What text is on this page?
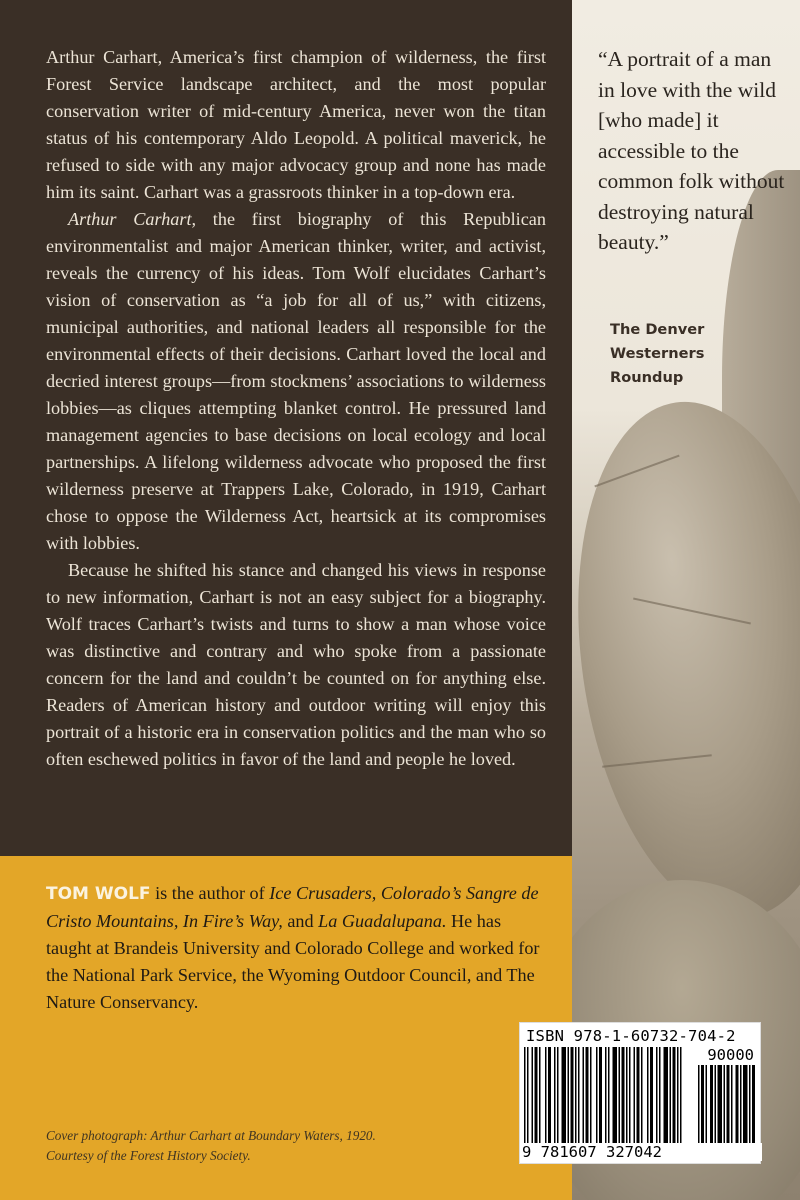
Arthur Carhart, America’s first champion of wilderness, the first Forest Service landscape architect, and the most popular conservation writer of mid-century America, never won the titan status of his contemporary Aldo Leopold. A political maverick, he refused to side with any major advocacy group and none has made him its saint. Carhart was a grassroots thinker in a top-down era.

Arthur Carhart, the first biography of this Republican environmentalist and major American thinker, writer, and activist, reveals the currency of his ideas. Tom Wolf elucidates Carhart’s vision of conservation as “a job for all of us,” with citizens, municipal authorities, and national leaders all responsible for the environmental effects of their decisions. Carhart loved the local and decried interest groups—from stockmens’ associations to wilderness lobbies—as cliques attempting blanket control. He pressured land management agencies to base decisions on local ecology and local partnerships. A lifelong wilderness advocate who proposed the first wilderness preserve at Trappers Lake, Colorado, in 1919, Carhart chose to oppose the Wilderness Act, heartsick at its compromises with lobbies.

Because he shifted his stance and changed his views in response to new information, Carhart is not an easy subject for a biography. Wolf traces Carhart’s twists and turns to show a man whose voice was distinctive and contrary and who spoke from a passionate concern for the land and couldn’t be counted on for anything else. Readers of American history and outdoor writing will enjoy this portrait of a historic era in conservation politics and the man who so often eschewed politics in favor of the land and people he loved.

“A portrait of a man in love with the wild [who made] it accessible to the common folk without destroying natural beauty.”
The Denver Westerners Roundup
TOM WOLF is the author of Ice Crusaders, Colorado’s Sangre de Cristo Mountains, In Fire’s Way, and La Guadalupana. He has taught at Brandeis University and Colorado College and worked for the National Park Service, the Wyoming Outdoor Council, and The Nature Conservancy.
Cover photograph: Arthur Carhart at Boundary Waters, 1920. Courtesy of the Forest History Society.
ISBN 978-1-60732-704-2
90000
9 781607 327042
